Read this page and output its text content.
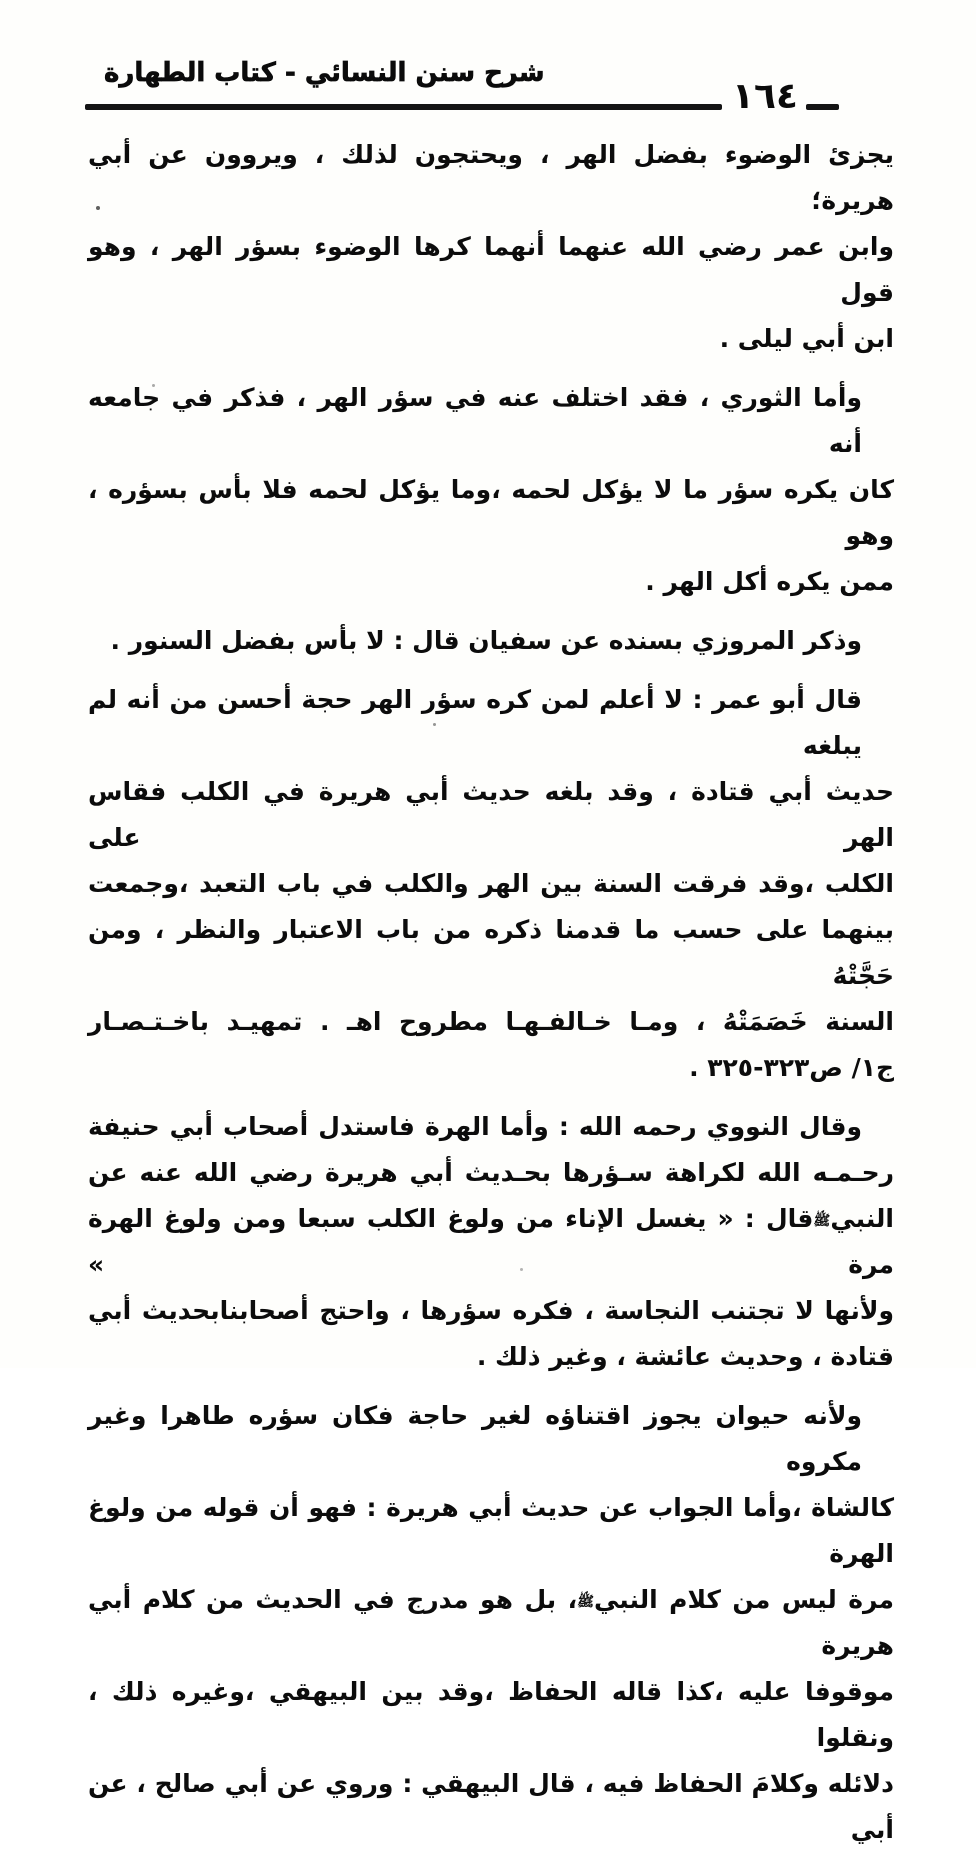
شرح سنن النسائي - كتاب الطهارة
١٦٤
يجزئ الوضوء بفضل الهر ، ويحتجون لذلك ، ويروون عن أبي هريرة؛
وابن عمر رضي الله عنهما أنهما كرها الوضوء بسؤر الهر ، وهو قول
ابن أبي ليلى .
وأما الثوري ، فقد اختلف عنه في سؤر الهر ، فذكر في جامعه أنه
كان يكره سؤر ما لا يؤكل لحمه ،وما يؤكل لحمه فلا بأس بسؤره ، وهو
ممن يكره أكل الهر .
وذكر المروزي بسنده عن سفيان قال : لا بأس بفضل السنور .
قال أبو عمر : لا أعلم لمن كره سؤر الهر حجة أحسن من أنه لم يبلغه
حديث أبي قتادة ، وقد بلغه حديث أبي هريرة في الكلب فقاس الهر على
الكلب ،وقد فرقت السنة بين الهر والكلب في باب التعبد ،وجمعت
بينهما على حسب ما قدمنا ذكره من باب الاعتبار والنظر ، ومن حَجَّتْهُ
السنة خَصَمَتْهُ ، ومـا خـالفـهـا مطروح اهـ . تمهيـد باخـتـصـار
ج١/ ص٣٢٣-٣٢٥ .
وقال النووي رحمه الله : وأما الهرة فاستدل أصحاب أبي حنيفة
رحـمـه الله لكراهة سـؤرها بحـديث أبي هريرة رضي الله عنه عن
النبيﷺقال : « يغسل الإناء من ولوغ الكلب سبعا ومن ولوغ الهرة مرة »
ولأنها لا تجتنب النجاسة ، فكره سؤرها ، واحتج أصحابنابحديث أبي
قتادة ، وحديث عائشة ، وغير ذلك .
ولأنه حيوان يجوز اقتناؤه لغير حاجة فكان سؤره طاهرا وغير مكروه
كالشاة ،وأما الجواب عن حديث أبي هريرة : فهو أن قوله من ولوغ الهرة
مرة ليس من كلام النبيﷺ، بل هو مدرج في الحديث من كلام أبي هريرة
موقوفا عليه ،كذا قاله الحفاظ ،وقد بين البيهقي ،وغيره ذلك ، ونقلوا
دلائله وكلامَ الحفاظ فيه ، قال البيهقي : وروي عن أبي صالح ، عن أبي
